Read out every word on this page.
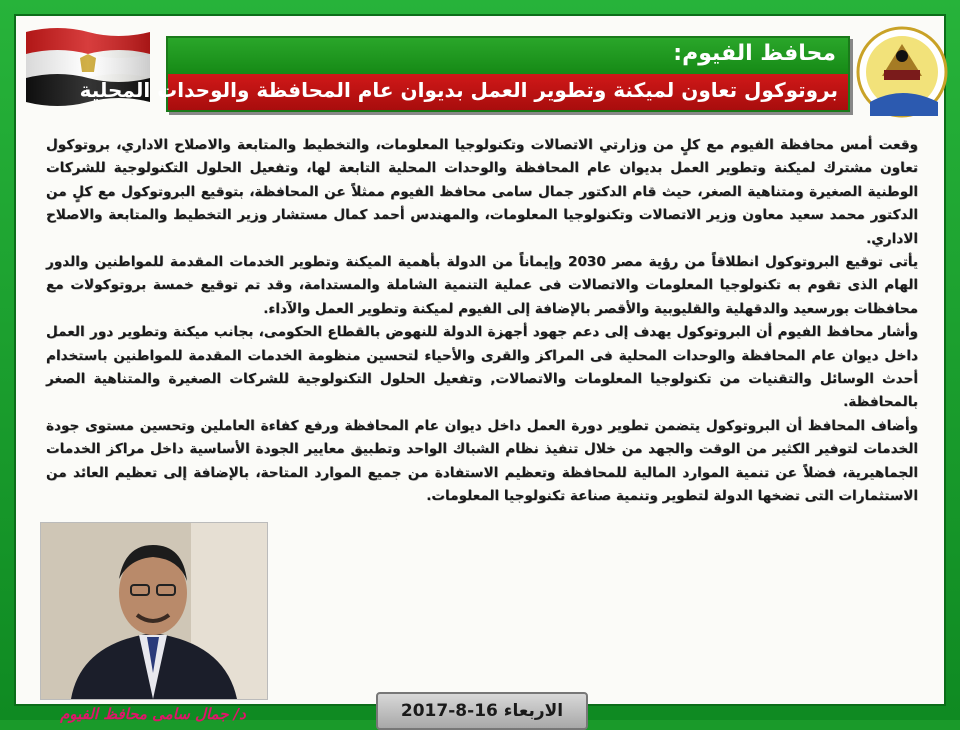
محافظ الفيوم:
بروتوكول تعاون لميكنة وتطوير العمل بديوان عام المحافظة والوحدات المحلية

وقعت أمس محافظة الفيوم مع كلٍ من وزارتي الاتصالات وتكنولوجيا المعلومات، والتخطيط والمتابعة والاصلاح الاداري، بروتوكول تعاون مشترك لميكنة وتطوير العمل بديوان عام المحافظة والوحدات المحلية التابعة لها، وتفعيل الحلول التكنولوجية للشركات الوطنية الصغيرة ومتناهية الصغر، حيث قام الدكتور جمال سامى محافظ الفيوم ممثلاً عن المحافظة، بتوقيع البروتوكول مع كلٍ من الدكتور محمد سعيد معاون وزير الاتصالات وتكنولوجيا المعلومات، والمهندس أحمد كمال مستشار وزير التخطيط والمتابعة والاصلاح الاداري.

يأتى توقيع البروتوكول انطلاقاً من رؤية مصر 2030 وإيماناً من الدولة بأهمية الميكنة وتطوير الخدمات المقدمة للمواطنين والدور الهام الذى تقوم به تكنولوجيا المعلومات والاتصالات فى عملية التنمية الشاملة والمستدامة، وقد تم توقيع خمسة بروتوكولات مع محافظات بورسعيد والدقهلية والقليوبية والأقصر بالإضافة إلى الفيوم لميكنة وتطوير العمل والآداء.

وأشار محافظ الفيوم أن البروتوكول يهدف إلى دعم جهود أجهزة الدولة للنهوض بالقطاع الحكومى، بجانب ميكنة وتطوير دور العمل داخل ديوان عام المحافظة والوحدات المحلية فى المراكز والقرى والأحياء لتحسين منظومة الخدمات المقدمة للمواطنين باستخدام أحدث الوسائل والتقنيات من تكنولوجيا المعلومات والاتصالات, وتفعيل الحلول التكنولوجية للشركات الصغيرة والمتناهية الصغر بالمحافظة.

وأضاف المحافظ أن البروتوكول يتضمن تطوير دورة العمل داخل ديوان عام المحافظة ورفع كفاءة العاملين وتحسين مستوى جودة الخدمات لتوفير الكثير من الوقت والجهد من خلال تنفيذ نظام الشباك الواحد وتطبيق معايير الجودة الأساسية داخل مراكز الخدمات الجماهيرية، فضلاً عن تنمية الموارد المالية للمحافظة وتعظيم الاستفادة من جميع الموارد المتاحة، بالإضافة إلى تعظيم العائد من الاستثمارات التى تضخها الدولة لتطوير وتنمية صناعة تكنولوجيا المعلومات.

د/ جمال سامى محافظ الفيوم	الاربعاء 16-8-2017
